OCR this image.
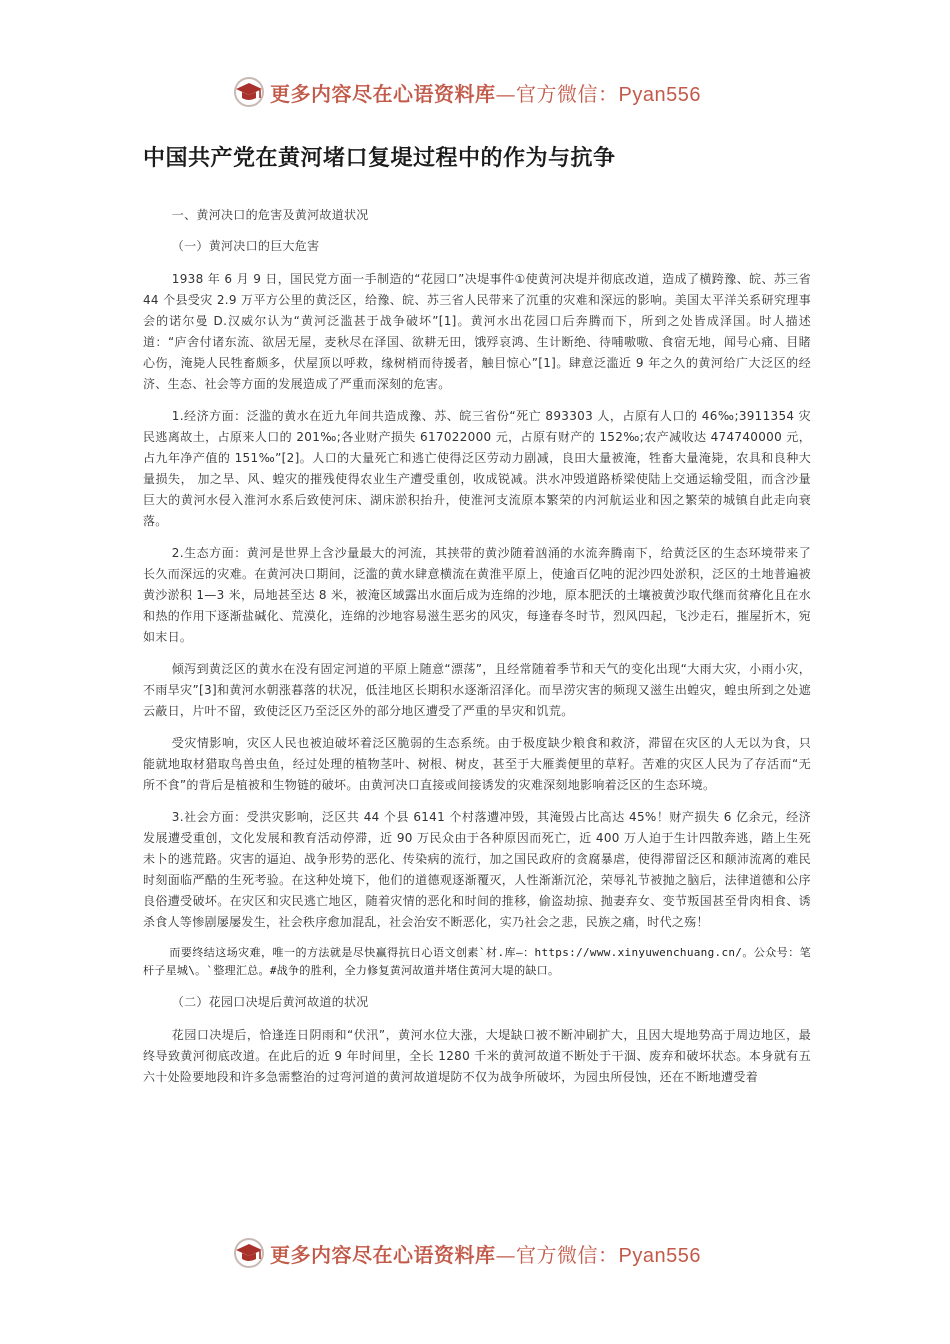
更多内容尽在心语资料库—官方微信：Pyan556
中国共产党在黄河堵口复堤过程中的作为与抗争

一、黄河决口的危害及黄河故道状况

（一）黄河决口的巨大危害

1938 年 6 月 9 日，国民党方面一手制造的“花园口”决堤事件①使黄河决堤并彻底改道，造成了横跨豫、皖、苏三省 44 个县受灾 2.9 万平方公里的黄泛区，给豫、皖、苏三省人民带来了沉重的灾难和深远的影响。美国太平洋关系研究理事会的诺尔曼 D.汉威尔认为“黄河泛滥甚于战争破坏”[1]。黄河水出花园口后奔腾而下，所到之处皆成泽国。时人描述道：“庐舍付诸东流、欲居无屋，麦秋尽在泽国、欲耕无田，饿殍哀鸿、生计断绝、待哺嗷嗷、食宿无地，闻号心痛、目睹心伤，淹毙人民牲畜颇多，伏屋顶以呼救，缘树梢而待援者，触目惊心”[1]。肆意泛滥近 9 年之久的黄河给广大泛区的经济、生态、社会等方面的发展造成了严重而深刻的危害。

1.经济方面：泛滥的黄水在近九年间共造成豫、苏、皖三省份“死亡 893303 人，占原有人口的 46‰;3911354 灾民逃离故土，占原来人口的 201‰;各业财产损失 617022000 元，占原有财产的 152‰;农产减收达 474740000 元，占九年净产值的 151‰”[2]。人口的大量死亡和逃亡使得泛区劳动力剧减，良田大量被淹，牲畜大量淹毙，农具和良种大量损失， 加之旱、风、蝗灾的摧残使得农业生产遭受重创，收成锐减。洪水冲毁道路桥梁使陆上交通运输受阻，而含沙量巨大的黄河水侵入淮河水系后致使河床、湖床淤积抬升，使淮河支流原本繁荣的内河航运业和因之繁荣的城镇自此走向衰落。

2.生态方面：黄河是世界上含沙量最大的河流，其挟带的黄沙随着汹涌的水流奔腾南下，给黄泛区的生态环境带来了长久而深远的灾难。在黄河决口期间，泛滥的黄水肆意横流在黄淮平原上，使逾百亿吨的泥沙四处淤积，泛区的土地普遍被黄沙淤积 1—3 米，局地甚至达 8 米，被淹区域露出水面后成为连绵的沙地，原本肥沃的土壤被黄沙取代继而贫瘠化且在水和热的作用下逐渐盐碱化、荒漠化，连绵的沙地容易滋生恶劣的风灾，每逢春冬时节，烈风四起，飞沙走石，摧屋折木，宛如末日。

倾泻到黄泛区的黄水在没有固定河道的平原上随意“漂荡”，且经常随着季节和天气的变化出现“大雨大灾，小雨小灾，不雨旱灾”[3]和黄河水朝涨暮落的状况，低洼地区长期积水逐渐沼泽化。而旱涝灾害的频现又滋生出蝗灾，蝗虫所到之处遮云蔽日，片叶不留，致使泛区乃至泛区外的部分地区遭受了严重的旱灾和饥荒。

受灾情影响，灾区人民也被迫破坏着泛区脆弱的生态系统。由于极度缺少粮食和救济，滞留在灾区的人无以为食，只能就地取材猎取鸟兽虫鱼，经过处理的植物茎叶、树根、树皮，甚至于大雁粪便里的草籽。苦难的灾区人民为了存活而“无所不食”的背后是植被和生物链的破坏。由黄河决口直接或间接诱发的灾难深刻地影响着泛区的生态环境。

3.社会方面：受洪灾影响，泛区共 44 个县 6141 个村落遭冲毁，其淹毁占比高达 45%！财产损失 6 亿余元，经济发展遭受重创，文化发展和教育活动停滞，近 90 万民众由于各种原因而死亡，近 400 万人迫于生计四散奔逃，踏上生死未卜的逃荒路。灾害的逼迫、战争形势的恶化、传染病的流行，加之国民政府的贪腐暴虐，使得滞留泛区和颠沛流离的难民时刻面临严酷的生死考验。在这种处境下，他们的道德观逐渐覆灭，人性渐渐沉沦，荣辱礼节被抛之脑后，法律道德和公序良俗遭受破坏。在灾区和灾民逃亡地区，随着灾情的恶化和时间的推移，偷盗劫掠、抛妻弃女、变节叛国甚至骨肉相食、诱杀食人等惨剧屡屡发生，社会秩序愈加混乱，社会治安不断恶化，实乃社会之悲，民族之痛，时代之殇！

而要终结这场灾难，唯一的方法就是尽快赢得抗日心语文创素`材.库—：https://www.xinyuwenchuang.cn/。公众号：笔杆子星城\。`整理汇总。#战争的胜利，全力修复黄河故道并堵住黄河大堤的缺口。

（二）花园口决堤后黄河故道的状况

花园口决堤后，恰逢连日阴雨和“伏汛”，黄河水位大涨，大堤缺口被不断冲刷扩大，且因大堤地势高于周边地区，最终导致黄河彻底改道。在此后的近 9 年时间里，全长 1280 千米的黄河故道不断处于干涸、废弃和破坏状态。本身就有五六十处险要地段和许多急需整治的过弯河道的黄河故道堤防不仅为战争所破坏，为园虫所侵蚀，还在不断地遭受着

更多内容尽在心语资料库—官方微信：Pyan556
